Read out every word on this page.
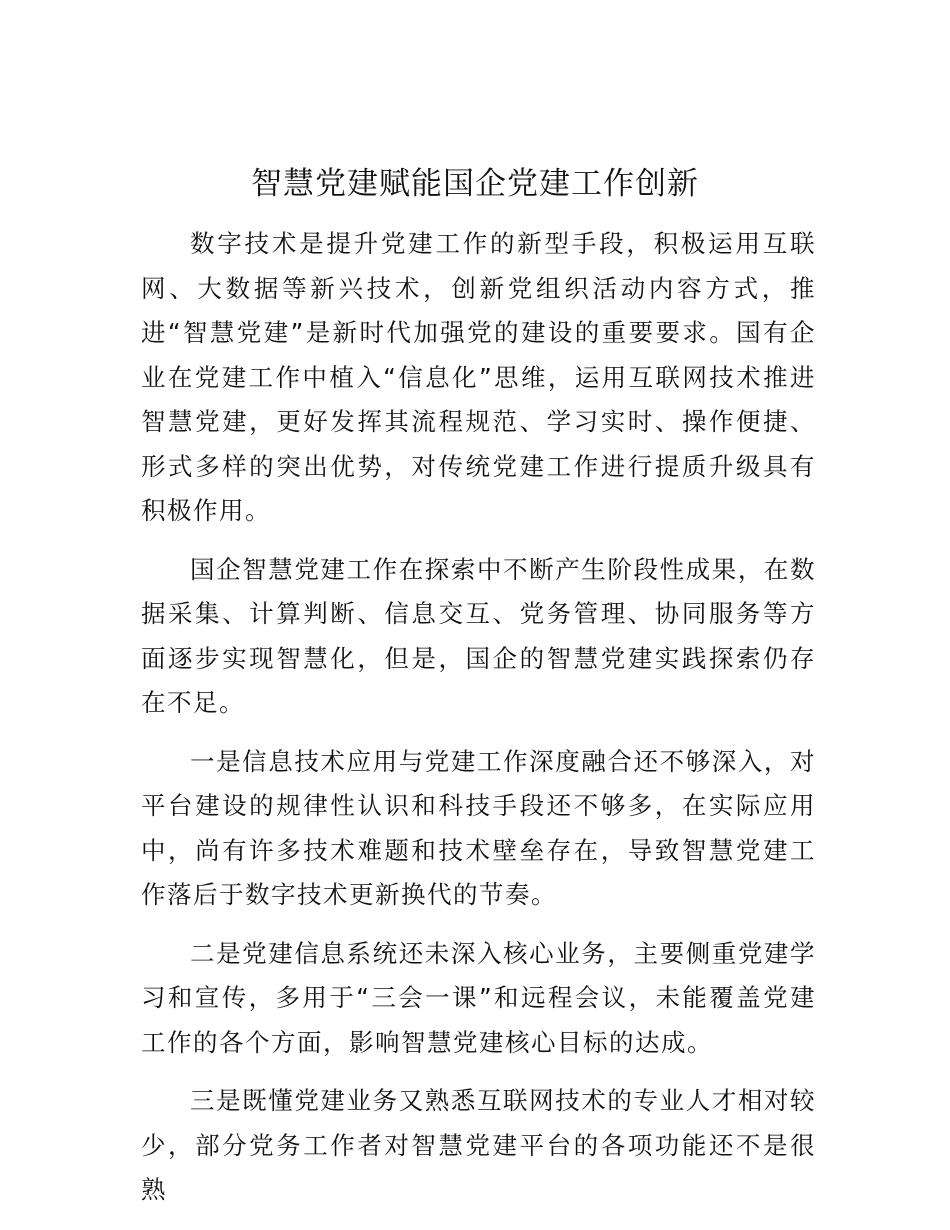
智慧党建赋能国企党建工作创新

数字技术是提升党建工作的新型手段，积极运用互联网、大数据等新兴技术，创新党组织活动内容方式，推进“智慧党建”是新时代加强党的建设的重要要求。国有企业在党建工作中植入“信息化”思维，运用互联网技术推进智慧党建，更好发挥其流程规范、学习实时、操作便捷、形式多样的突出优势，对传统党建工作进行提质升级具有积极作用。

国企智慧党建工作在探索中不断产生阶段性成果，在数据采集、计算判断、信息交互、党务管理、协同服务等方面逐步实现智慧化，但是，国企的智慧党建实践探索仍存在不足。

一是信息技术应用与党建工作深度融合还不够深入，对平台建设的规律性认识和科技手段还不够多，在实际应用中，尚有许多技术难题和技术壁垒存在，导致智慧党建工作落后于数字技术更新换代的节奏。

二是党建信息系统还未深入核心业务，主要侧重党建学习和宣传，多用于“三会一课”和远程会议，未能覆盖党建工作的各个方面，影响智慧党建核心目标的达成。

三是既懂党建业务又熟悉互联网技术的专业人才相对较少，部分党务工作者对智慧党建平台的各项功能还不是很熟
